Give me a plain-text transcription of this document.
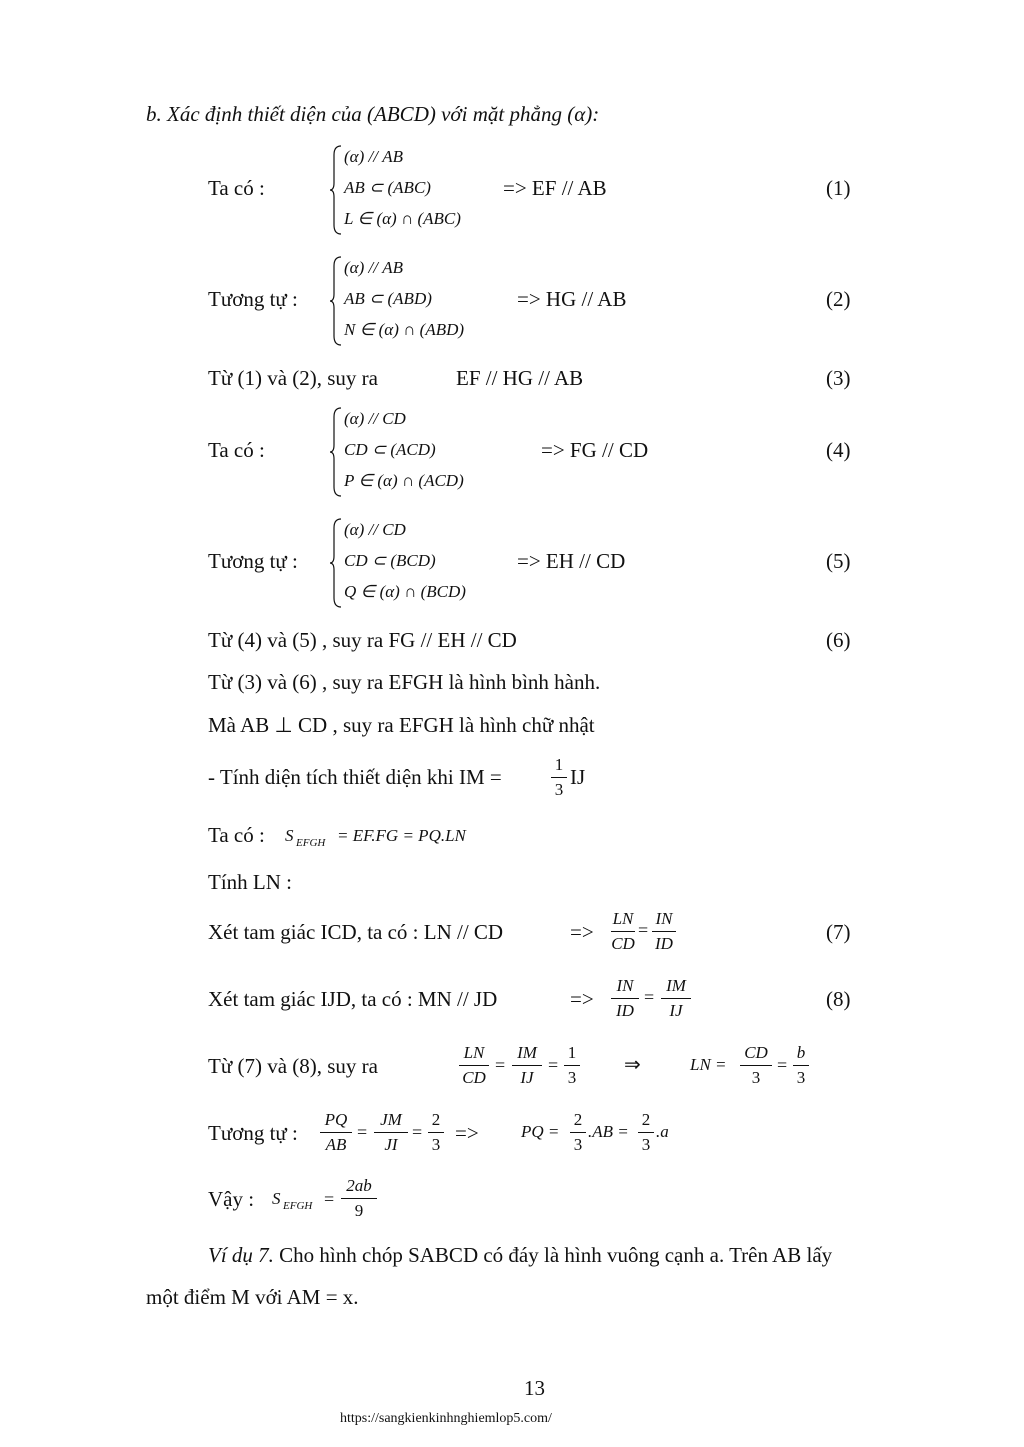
b. Xác định thiết diện của (ABCD) với mặt phẳng (α):
Ta có :
(α) // AB
AB ⊂ (ABC)
L ∈ (α) ∩ (ABC)
=> EF // AB	(1)
Tương tự :
(α) // AB
AB ⊂ (ABD)
N ∈ (α) ∩ (ABD)
=> HG // AB	(2)
Từ (1) và (2), suy ra	EF // HG // AB	(3)
Ta có :
(α) // CD
CD ⊂ (ACD)
P ∈ (α) ∩ (ACD)
=> FG // CD	(4)
Tương tự :
(α) // CD
CD ⊂ (BCD)
Q ∈ (α) ∩ (BCD)
=> EH // CD	(5)
Từ (4) và (5) , suy ra FG // EH // CD	(6)
Từ (3) và (6) , suy ra EFGH là hình bình hành.
Mà AB ⊥ CD , suy ra EFGH là hình chữ nhật
- Tính diện tích thiết diện khi IM =
1
3
IJ
Ta có : S EFGH = EF.FG = PQ.LN
Tính LN :
Xét tam giác ICD, ta có : LN // CD	=>
LN
CD
=
IN
ID	(7)
Xét tam giác IJD, ta có : MN // JD	=>
IN
ID
=
IM
IJ	(8)
Từ (7) và (8), suy ra
LN
CD
=
IM
IJ
=
1
3
⇒	LN =
CD
3
=
b
3
Tương tự :
PQ
AB
=
JM
JI
=
2
3 => PQ =
2
3
.AB =
2
3
.a
Vậy : S EFGH =
2ab
9
Ví dụ 7. Cho hình chóp SABCD có đáy là hình vuông cạnh a. Trên AB lấy
một điểm M với AM = x.
13
https://sangkienkinhnghiemlop5.com/
